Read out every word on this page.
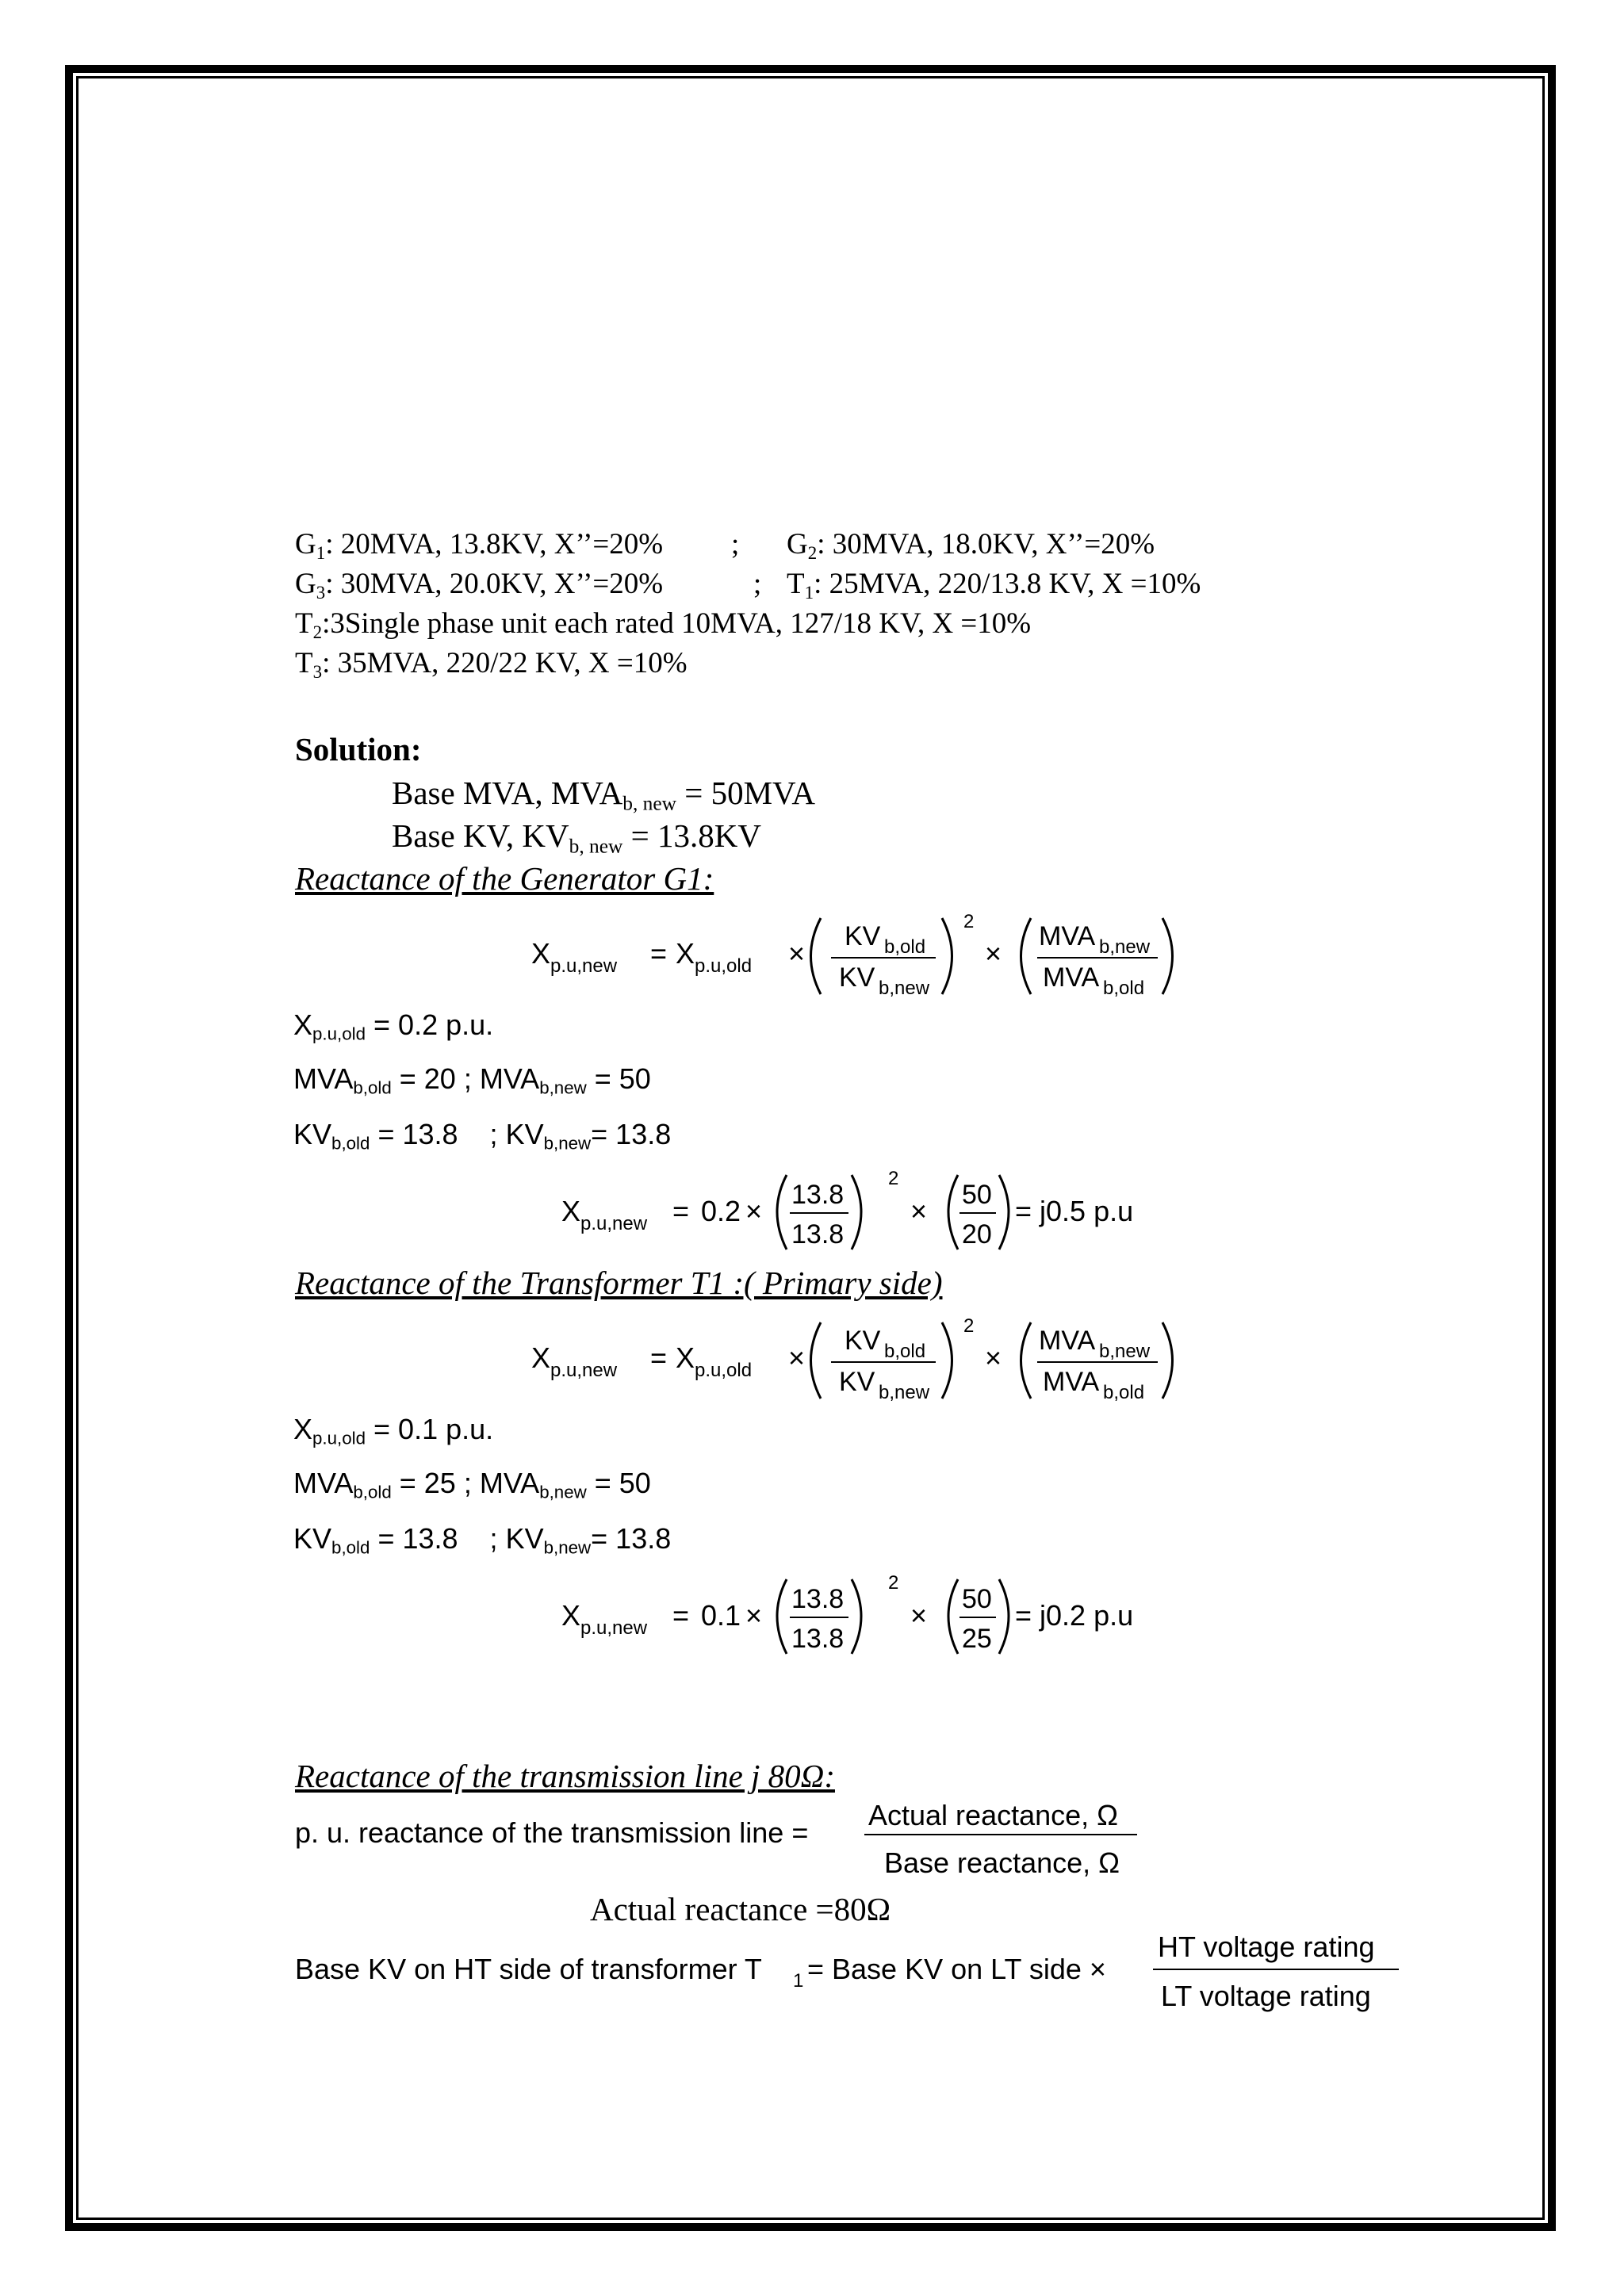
$G_1$: 20MVA, 13.8KV, X’’=20% ; $G_2$: 30MVA, 18.0KV, X’’=20%
$G_3$: 30MVA, 20.0KV, X’’=20%	; $T_1$: 25MVA, 220/13.8 KV, X =10%
$T_2:3Single$ phase unit each rated 10MVA, 127/18 KV, X =10%
$T_3$: 35MVA, 220/22 KV, X =10%
Solution:
Base MVA, $MVA_{b, new} = 50MVA$
Base KV, $KV_{b, new} = 13.8KV$
Reactance of the Generator G1:
X p.u,new = X p.u,old ×
KV b,old
KV b,new
2
×
MVA b,new
MVA b,old
$X_{p.u,old} = 0.2$ p.u.
$MVA_{b,old} = 20$ ; $MVA_{b,new} = 50$
$KV_{b,old} = 13.8$ ; $KV_{b,new}= 13.8$
X p.u,new = 0.2 × 13.8
13.8
2
× 50
20
= j0.5 p.u
Reactance of the Transformer T1 :( Primary side)
X p.u,new = X p.u,old ×
KV b,old
KV b,new
2
×
MVA b,new
MVA b,old
$X_{p.u,old} = 0.1$ p.u.
$MVA_{b,old} = 25$ ; $MVA_{b,new} = 50$
$KV_{b,old} = 13.8$ ; $KV_{b,new}= 13.8$
X p.u,new = 0.1 × 13.8
13.8
2
× 50
25
= j0.2 p.u
Reactance of the transmission line j 80Ω:
p. u. reactance of the transmission line =
Actual reactance, Ω
Base reactance, Ω
Actual reactance =80Ω
Base KV on HT side of transformer T 1 = Base KV on LT side ×
HT voltage rating
LT voltage rating
